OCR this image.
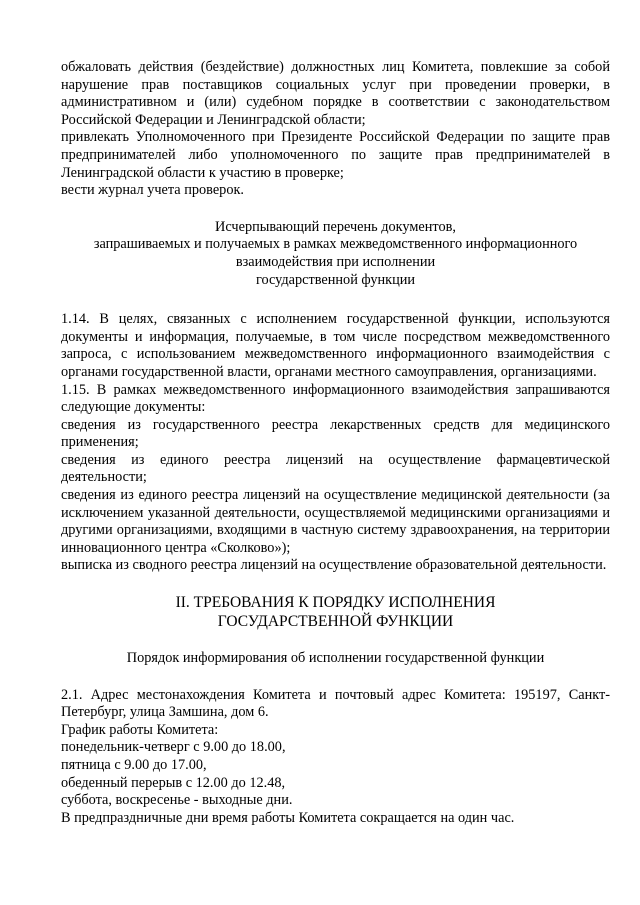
обжаловать действия (бездействие) должностных лиц Комитета, повлекшие за собой нарушение прав поставщиков социальных услуг при проведении проверки, в административном и (или) судебном порядке в соответствии с законодательством Российской Федерации и Ленинградской области;

привлекать Уполномоченного при Президенте Российской Федерации по защите прав предпринимателей либо уполномоченного по защите прав предпринимателей в Ленинградской области к участию в проверке;

вести журнал учета проверок.

Исчерпывающий перечень документов,

запрашиваемых и получаемых в рамках межведомственного информационного

взаимодействия при исполнении

государственной функции

1.14. В целях, связанных с исполнением государственной функции, используются документы и информация, получаемые, в том числе посредством межведомственного запроса, с использованием межведомственного информационного взаимодействия с органами государственной власти, органами местного самоуправления, организациями.

1.15. В рамках межведомственного информационного взаимодействия запрашиваются следующие документы:

сведения из государственного реестра лекарственных средств для медицинского применения;

сведения из единого реестра лицензий на осуществление фармацевтической деятельности;

сведения из единого реестра лицензий на осуществление медицинской деятельности (за исключением указанной деятельности, осуществляемой медицинскими организациями и другими организациями, входящими в частную систему здравоохранения, на территории инновационного центра «Сколково»);

выписка из сводного реестра лицензий на осуществление образовательной деятельности.

II. ТРЕБОВАНИЯ К ПОРЯДКУ ИСПОЛНЕНИЯ

ГОСУДАРСТВЕННОЙ ФУНКЦИИ

Порядок информирования об исполнении государственной функции

2.1. Адрес местонахождения Комитета и почтовый адрес Комитета: 195197, Санкт-Петербург, улица Замшина, дом 6.

График работы Комитета:

понедельник-четверг с 9.00 до 18.00,

пятница с 9.00 до 17.00,

обеденный перерыв с 12.00 до 12.48,

суббота, воскресенье - выходные дни.

В предпраздничные дни время работы Комитета сокращается на один час.
